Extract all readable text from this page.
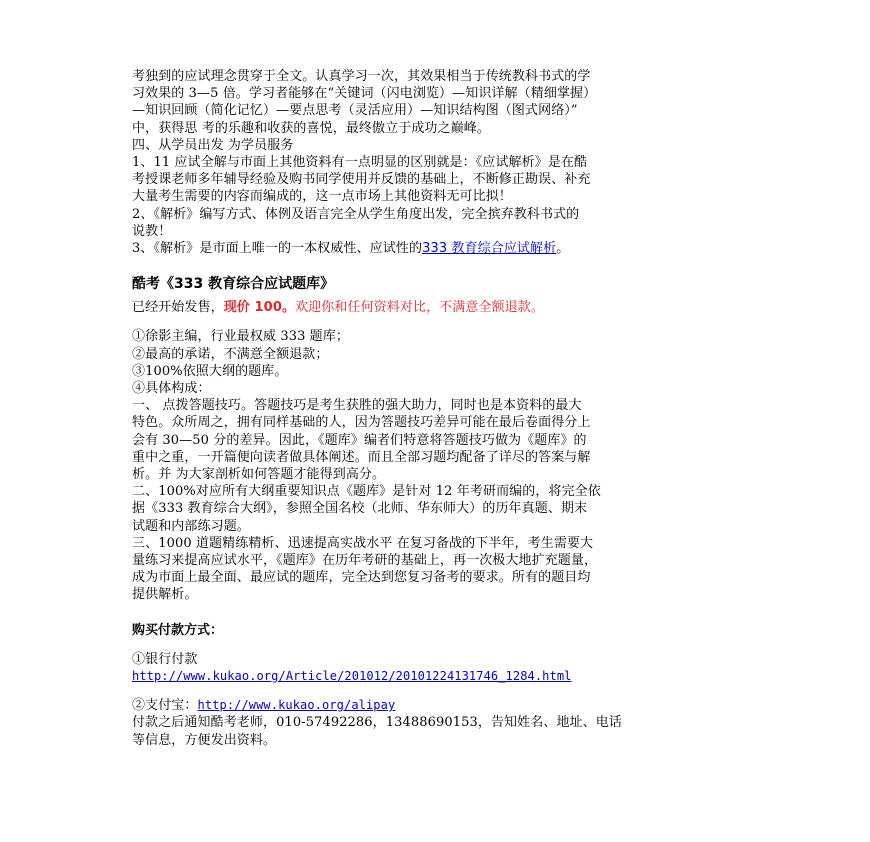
考独到的应试理念贯穿于全文。认真学习一次，其效果相当于传统教科书式的学

习效果的 3—5 倍。学习者能够在“关键词（闪电浏览）—知识详解（精细掌握）

—知识回顾（简化记忆）—要点思考（灵活应用）—知识结构图（图式网络）”

中，获得思 考的乐趣和收获的喜悦，最终傲立于成功之巅峰。

四、从学员出发 为学员服务

1、11 应试全解与市面上其他资料有一点明显的区别就是：《应试解析》是在酷

考授课老师多年辅导经验及购书同学使用并反馈的基础上，不断修正勘误、补充

大量考生需要的内容而编成的，这一点市场上其他资料无可比拟！

2、《解析》编写方式、体例及语言完全从学生角度出发，完全摈弃教科书式的

说教！

3、《解析》是市面上唯一的一本权威性、应试性的333 教育综合应试解析。

酷考《333 教育综合应试题库》

已经开始发售，现价 100。欢迎你和任何资料对比，不满意全额退款。

①徐影主编，行业最权威 333 题库；

②最高的承诺，不满意全额退款；

③100%依照大纲的题库。

④具体构成：

一、 点拨答题技巧。答题技巧是考生获胜的强大助力，同时也是本资料的最大

特色。众所周之，拥有同样基础的人，因为答题技巧差异可能在最后卷面得分上

会有 30—50 分的差异。因此，《题库》编者们特意将答题技巧做为《题库》的

重中之重，一开篇便向读者做具体阐述。而且全部习题均配备了详尽的答案与解

析。并 为大家剖析如何答题才能得到高分。

二、100%对应所有大纲重要知识点《题库》是针对 12 年考研而编的，将完全依

据《333 教育综合大纲》，参照全国名校（北师、华东师大）的历年真题、期末

试题和内部练习题。

三、1000 道题精练精析、迅速提高实战水平 在复习备战的下半年，考生需要大

量练习来提高应试水平，《题库》在历年考研的基础上，再一次极大地扩充题量，

成为市面上最全面、最应试的题库，完全达到您复习备考的要求。所有的题目均

提供解析。

购买付款方式：

①银行付款

http://www.kukao.org/Article/201012/20101224131746_1284.html

②支付宝：http://www.kukao.org/alipay

付款之后通知酷考老师，010-57492286，13488690153，告知姓名、地址、电话

等信息，方便发出资料。
